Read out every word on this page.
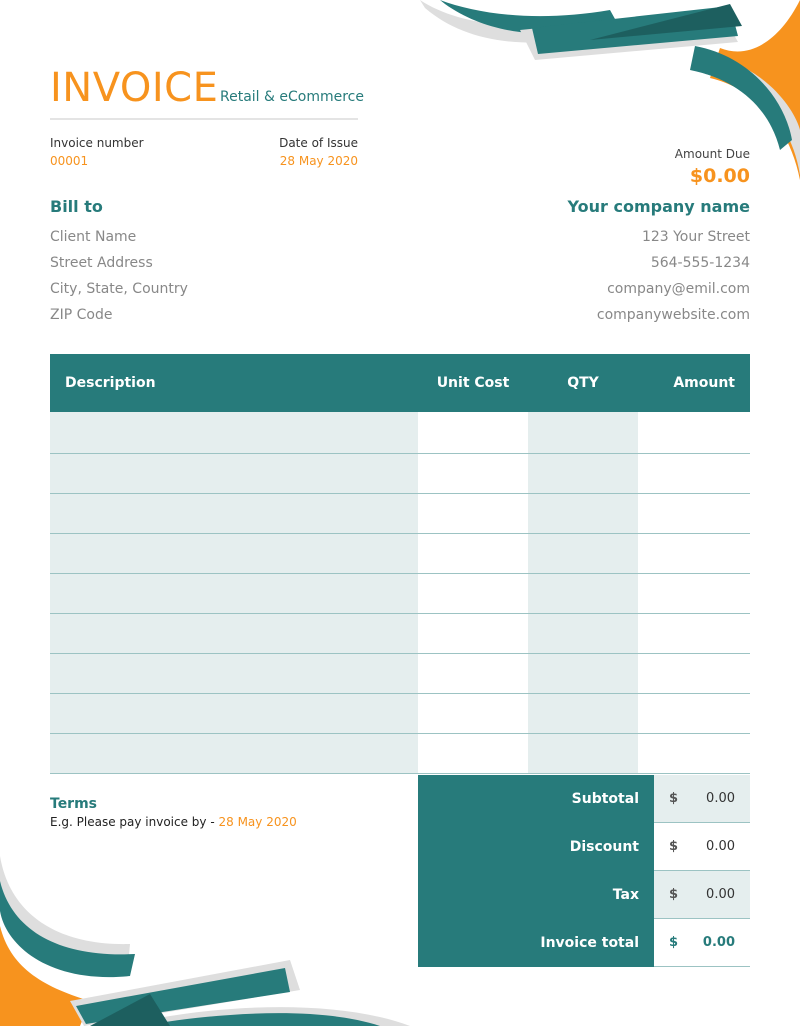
INVOICE Retail & eCommerce
Invoice number
00001
Date of Issue
28 May 2020	Amount Due
$0.00
Bill to
Client Name
Street Address
City, State, Country
ZIP Code
Your company name
123 Your Street
564-555-1234
company@emil.com
companywebsite.com
Description	Unit Cost	QTY	Amount

Terms
E.g. Please pay invoice by - 28 May 2020
Subtotal	$	0.00
Discount	$	0.00
Tax	$	0.00
Invoice total	$	0.00
